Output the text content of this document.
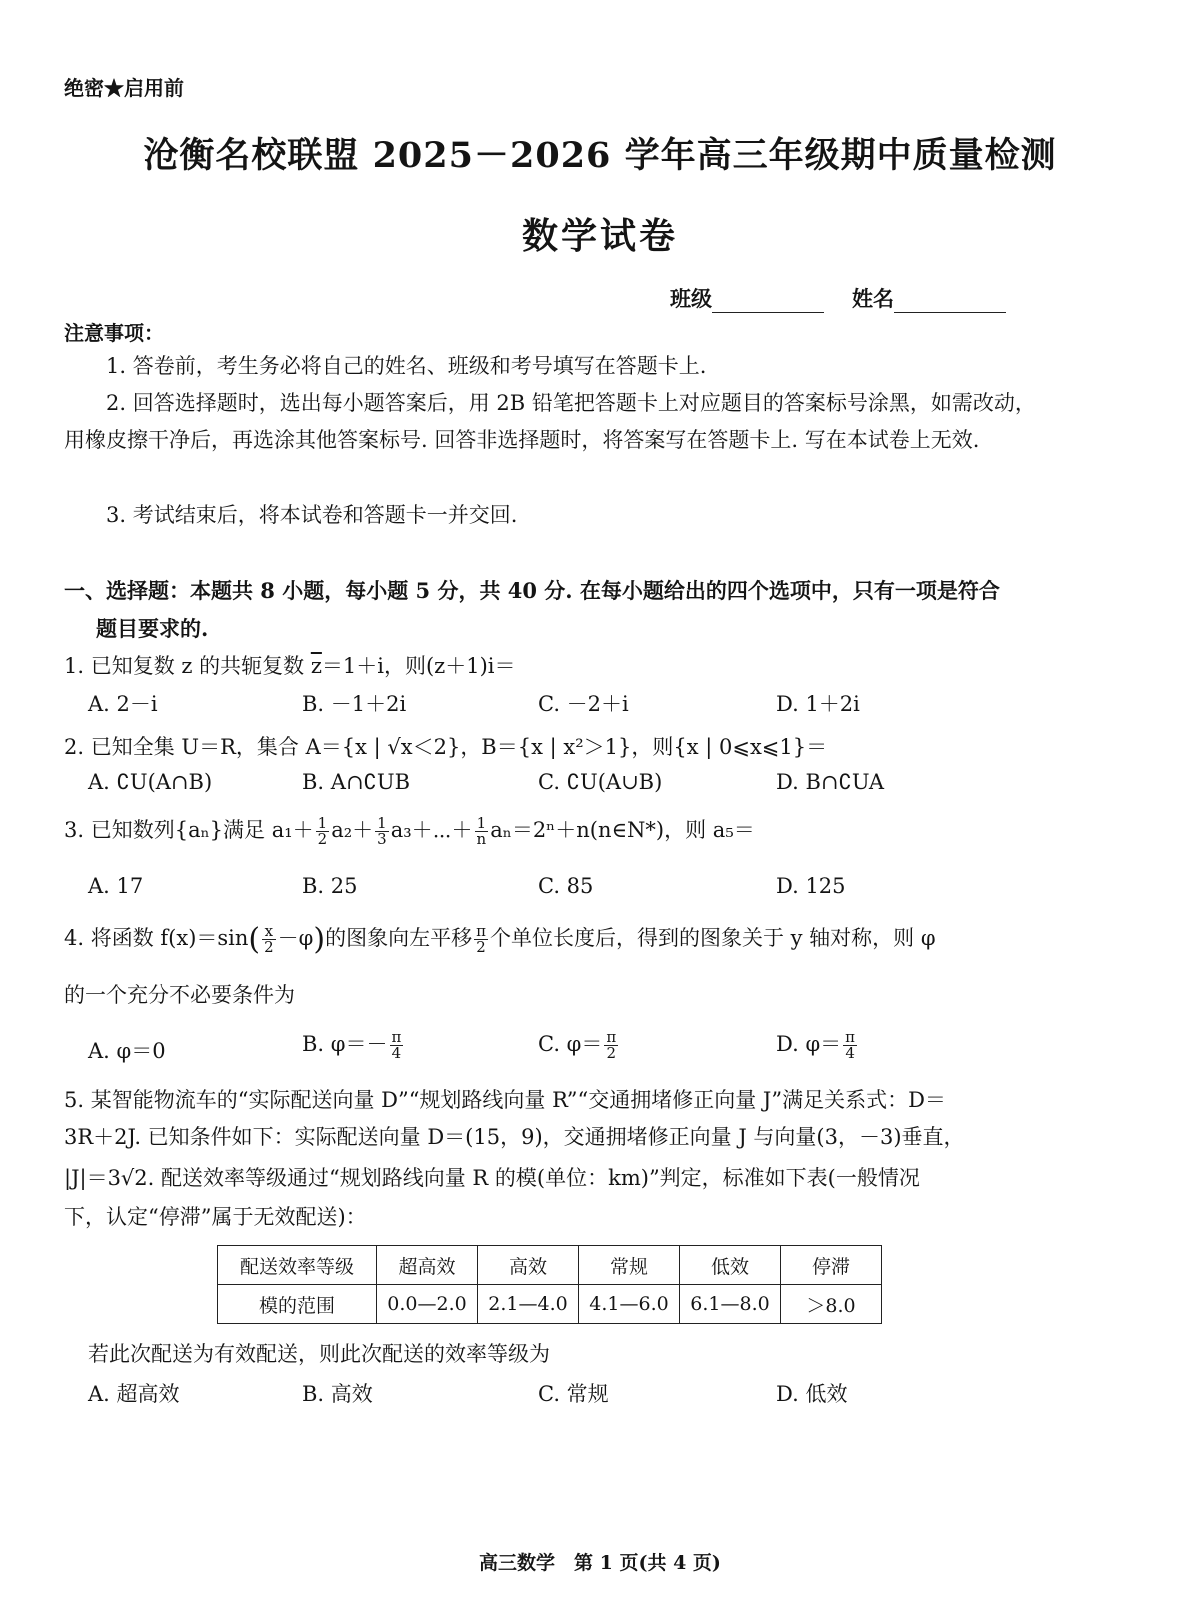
绝密★启用前
沧衡名校联盟 2025－2026 学年高三年级期中质量检测
数学试卷
班级	姓名
注意事项：
1. 答卷前，考生务必将自己的姓名、班级和考号填写在答题卡上.
2. 回答选择题时，选出每小题答案后，用 2B 铅笔把答题卡上对应题目的答案标号涂黑，如需改动，用橡皮擦干净后，再选涂其他答案标号. 回答非选择题时，将答案写在答题卡上. 写在本试卷上无效.
3. 考试结束后，将本试卷和答题卡一并交回.
一、选择题：本题共 8 小题，每小题 5 分，共 40 分. 在每小题给出的四个选项中，只有一项是符合
题目要求的.
1. 已知复数 z 的共轭复数 $\overline{z}=1+i$，则(z＋1)i＝
A. 2－i	B. －1＋2i	C. －2＋i	D. 1＋2i
2. 已知全集 U＝R，集合 A＝{x | √x＜2}，B＝{x | x²＞1}，则{x | 0⩽x⩽1}＝
A. ∁U(A∩B)	B. A∩∁UB	C. ∁U(A∪B)	D. B∩∁UA
3. 已知数列{aₙ}满足 $a_1+ \frac{1}{2} a_2+ \frac{1}{3}$ a₃＋⋯＋ $\frac{1}{n}$ aₙ＝2ⁿ＋n(n∈N*)，则 a₅＝
A. 17	B. 25	C. 85	D. 125
4. 将函数 $f(x)=\sin( \frac{x}{2} -\varphi)$的图象向左平移 $\frac{\pi}{2}$ 个单位长度后，得到的图象关于 y 轴对称，则 φ
的一个充分不必要条件为
A. φ＝0	B. $\varphi=- \frac{\pi}{4}$	C. $\varphi= \frac{\pi}{2}$	D. $\varphi= \frac{\pi}{4}$
5. 某智能物流车的“实际配送向量 D”“规划路线向量 R”“交通拥堵修正向量 J”满足关系式：D＝
3R＋2J. 已知条件如下：实际配送向量 D＝(15，9)，交通拥堵修正向量 J 与向量(3，－3)垂直，
|J|＝3√2. 配送效率等级通过“规划路线向量 R 的模(单位：km)”判定，标准如下表(一般情况
下，认定“停滞”属于无效配送)：
配送效率等级	超高效	高效	常规	低效	停滞
模的范围	0.0—2.0	2.1—4.0	4.1—6.0	6.1—8.0	＞8.0
若此次配送为有效配送，则此次配送的效率等级为
A. 超高效	B. 高效	C. 常规	D. 低效
高三数学　第 1 页(共 4 页)
